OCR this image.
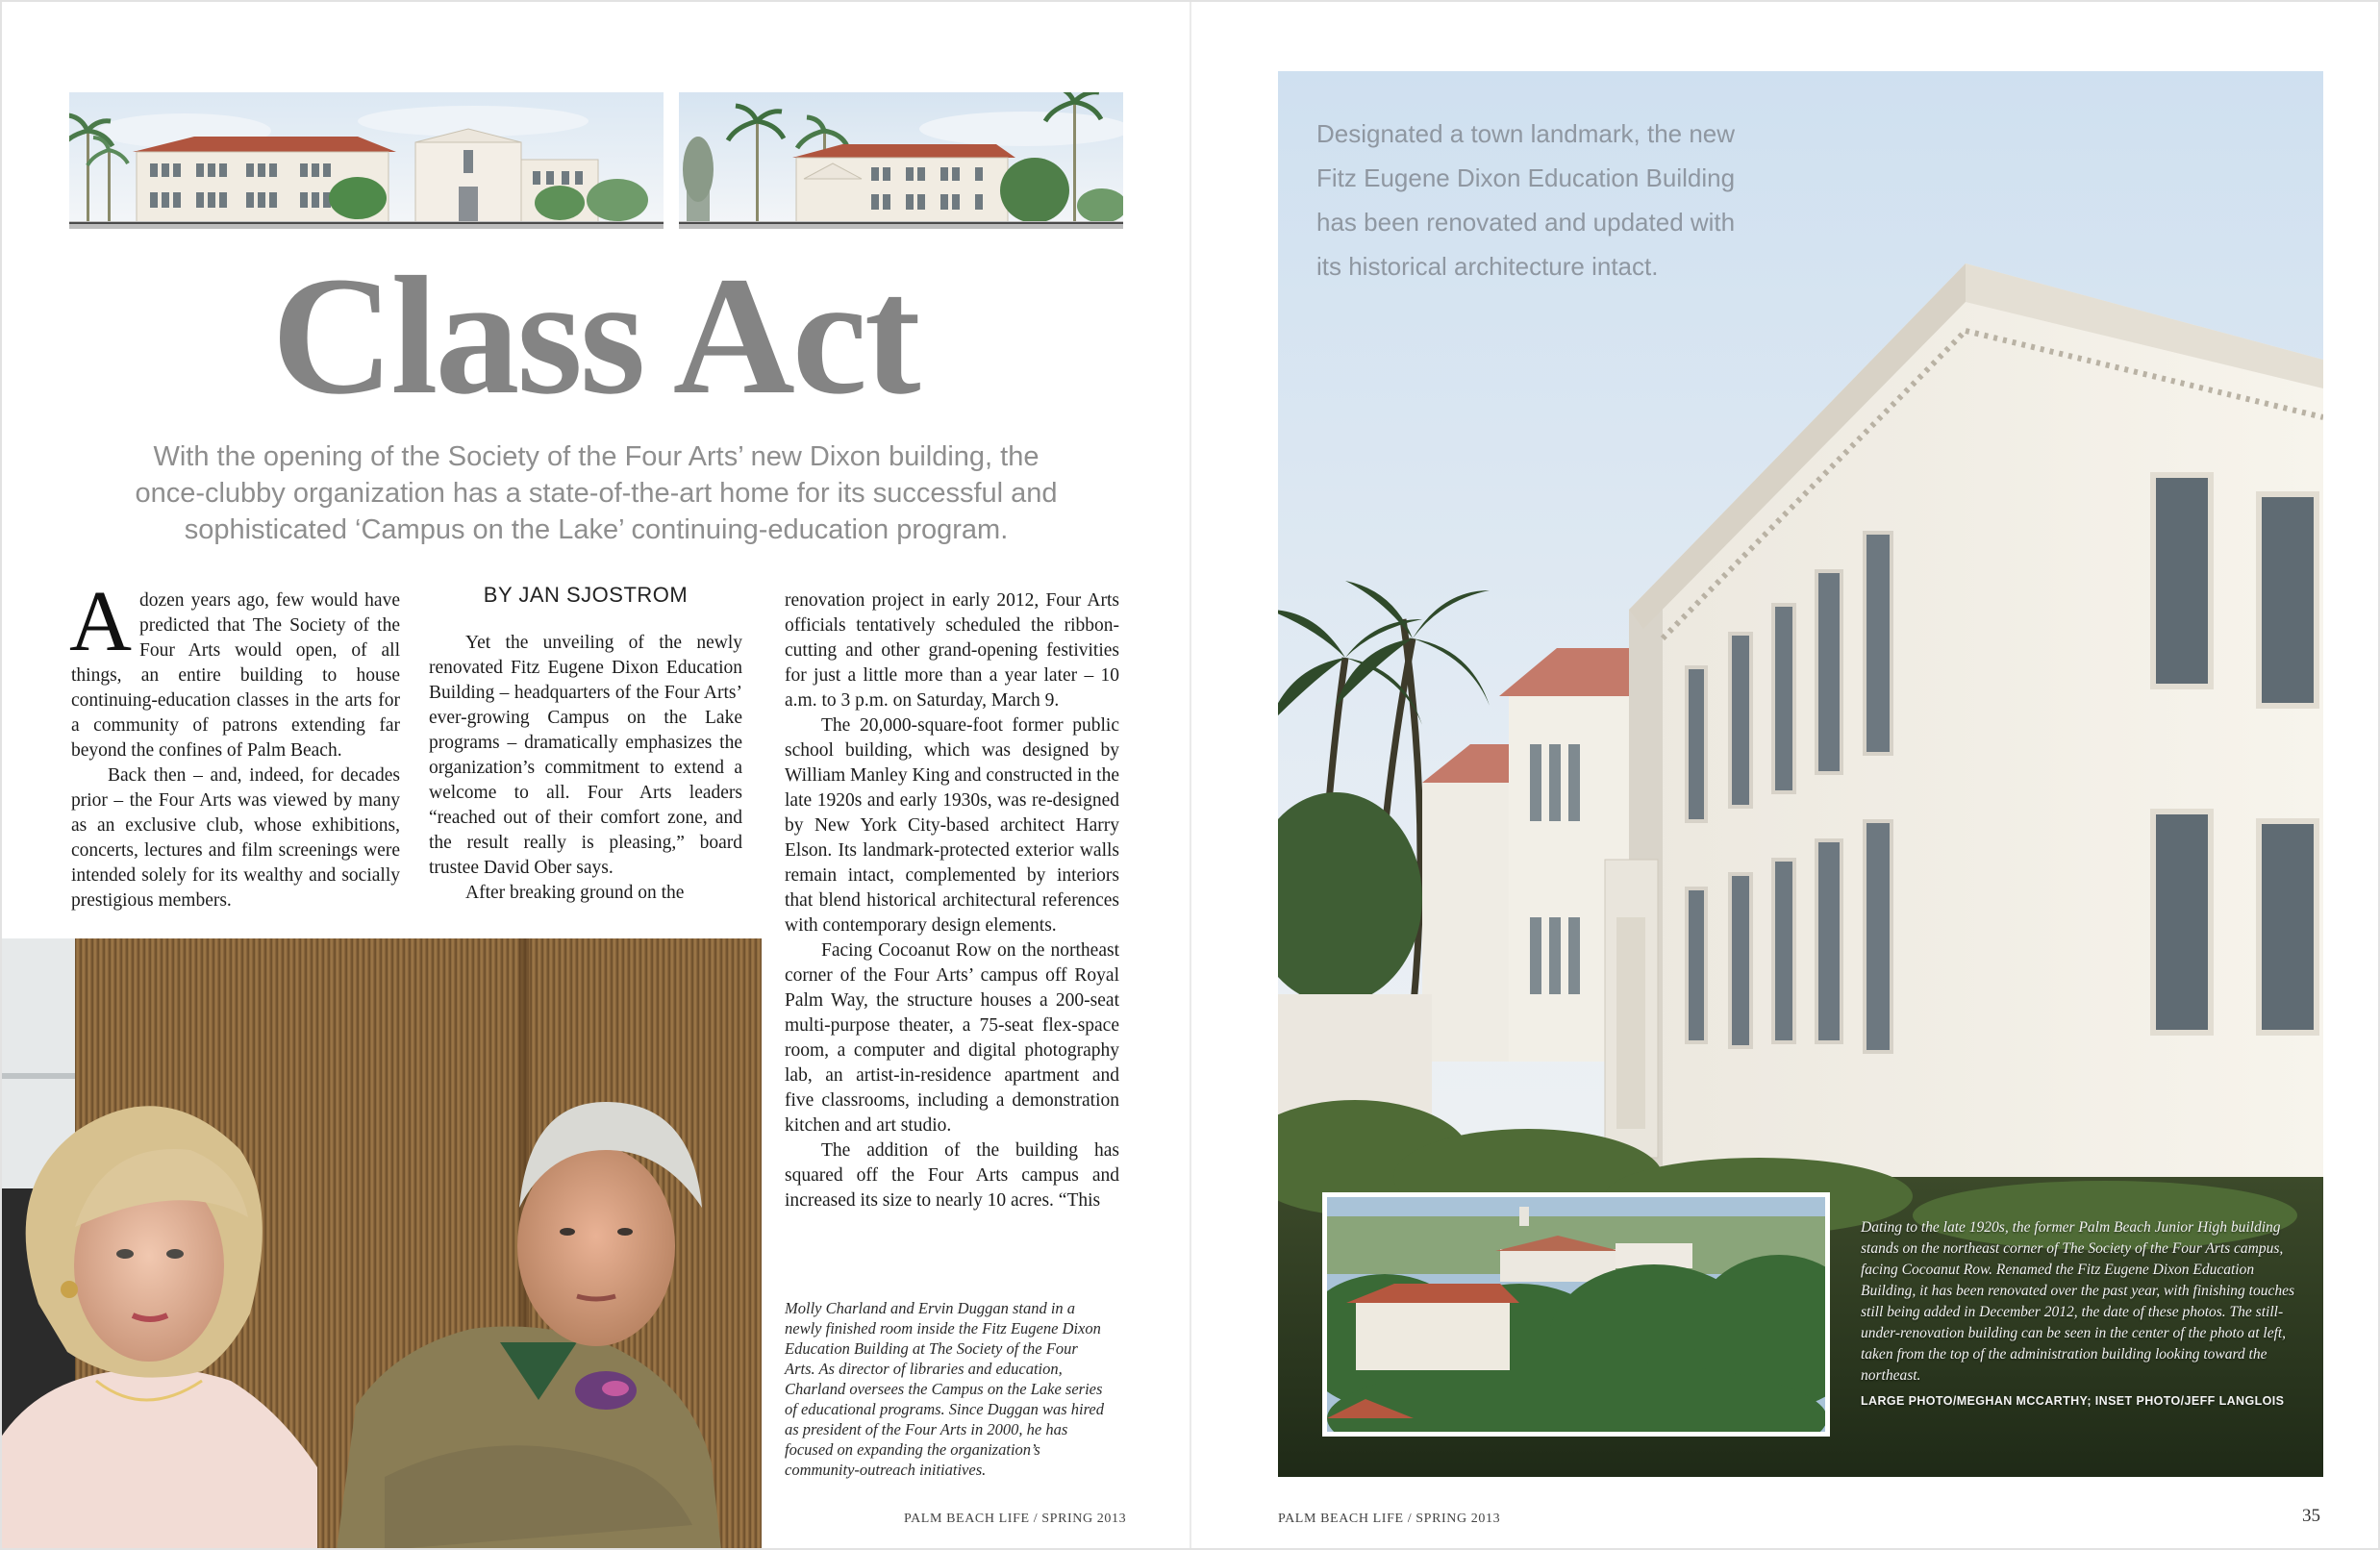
Class Act

With the opening of the Society of the Four Arts’ new Dixon building, the once-clubby organization has a state-of-the-art home for its successful and sophisticated ‘Campus on the Lake’ continuing-education program.

Adozen years ago, few would have predicted that The Society of the Four Arts would open, of all things, an entire building to house continuing-education classes in the arts for a community of patrons extending far beyond the confines of Palm Beach.

Back then – and, indeed, for decades prior – the Four Arts was viewed by many as an exclusive club, whose exhibitions, concerts, lectures and film screenings were intended solely for its wealthy and socially prestigious members.

BY JAN SJOSTROM

Yet the unveiling of the newly renovated Fitz Eugene Dixon Education Building – headquarters of the Four Arts’ ever-growing Campus on the Lake programs – dramatically emphasizes the organization’s commitment to extend a welcome to all. Four Arts leaders “reached out of their comfort zone, and the result really is pleasing,” board trustee David Ober says.

After breaking ground on the

renovation project in early 2012, Four Arts officials tentatively scheduled the ribbon-cutting and other grand-opening festivities for just a little more than a year later – 10 a.m. to 3 p.m. on Saturday, March 9.

The 20,000-square-foot former public school building, which was designed by William Manley King and constructed in the late 1920s and early 1930s, was re-designed by New York City-based architect Harry Elson. Its landmark-protected exterior walls remain intact, complemented by interiors that blend historical architectural references with contemporary design elements.

Facing Cocoanut Row on the northeast corner of the Four Arts’ campus off Royal Palm Way, the structure houses a 200-seat multi-purpose theater, a 75-seat flex-space room, a computer and digital photography lab, an artist-in-residence apartment and five classrooms, including a demonstration kitchen and art studio.

The addition of the building has squared off the Four Arts campus and increased its size to nearly 10 acres. “This

Molly Charland and Ervin Duggan stand in a newly finished room inside the Fitz Eugene Dixon Education Building at The Society of the Four Arts. As director of libraries and education, Charland oversees the Campus on the Lake series of educational programs. Since Duggan was hired as president of the Four Arts in 2000, he has focused on expanding the organization’s community-outreach initiatives.

PALM BEACH LIFE / SPRING 2013

Designated a town landmark, the new Fitz Eugene Dixon Education Building has been renovated and updated with its historical architecture intact.

Dating to the late 1920s, the former Palm Beach Junior High building stands on the northeast corner of The Society of the Four Arts campus, facing Cocoanut Row. Renamed the Fitz Eugene Dixon Education Building, it has been renovated over the past year, with finishing touches still being added in December 2012, the date of these photos. The still-under-renovation building can be seen in the center of the photo at left, taken from the top of the administration building looking toward the northeast.
LARGE PHOTO/MEGHAN MCCARTHY; INSET PHOTO/JEFF LANGLOIS
PALM BEACH LIFE / SPRING 2013	35
